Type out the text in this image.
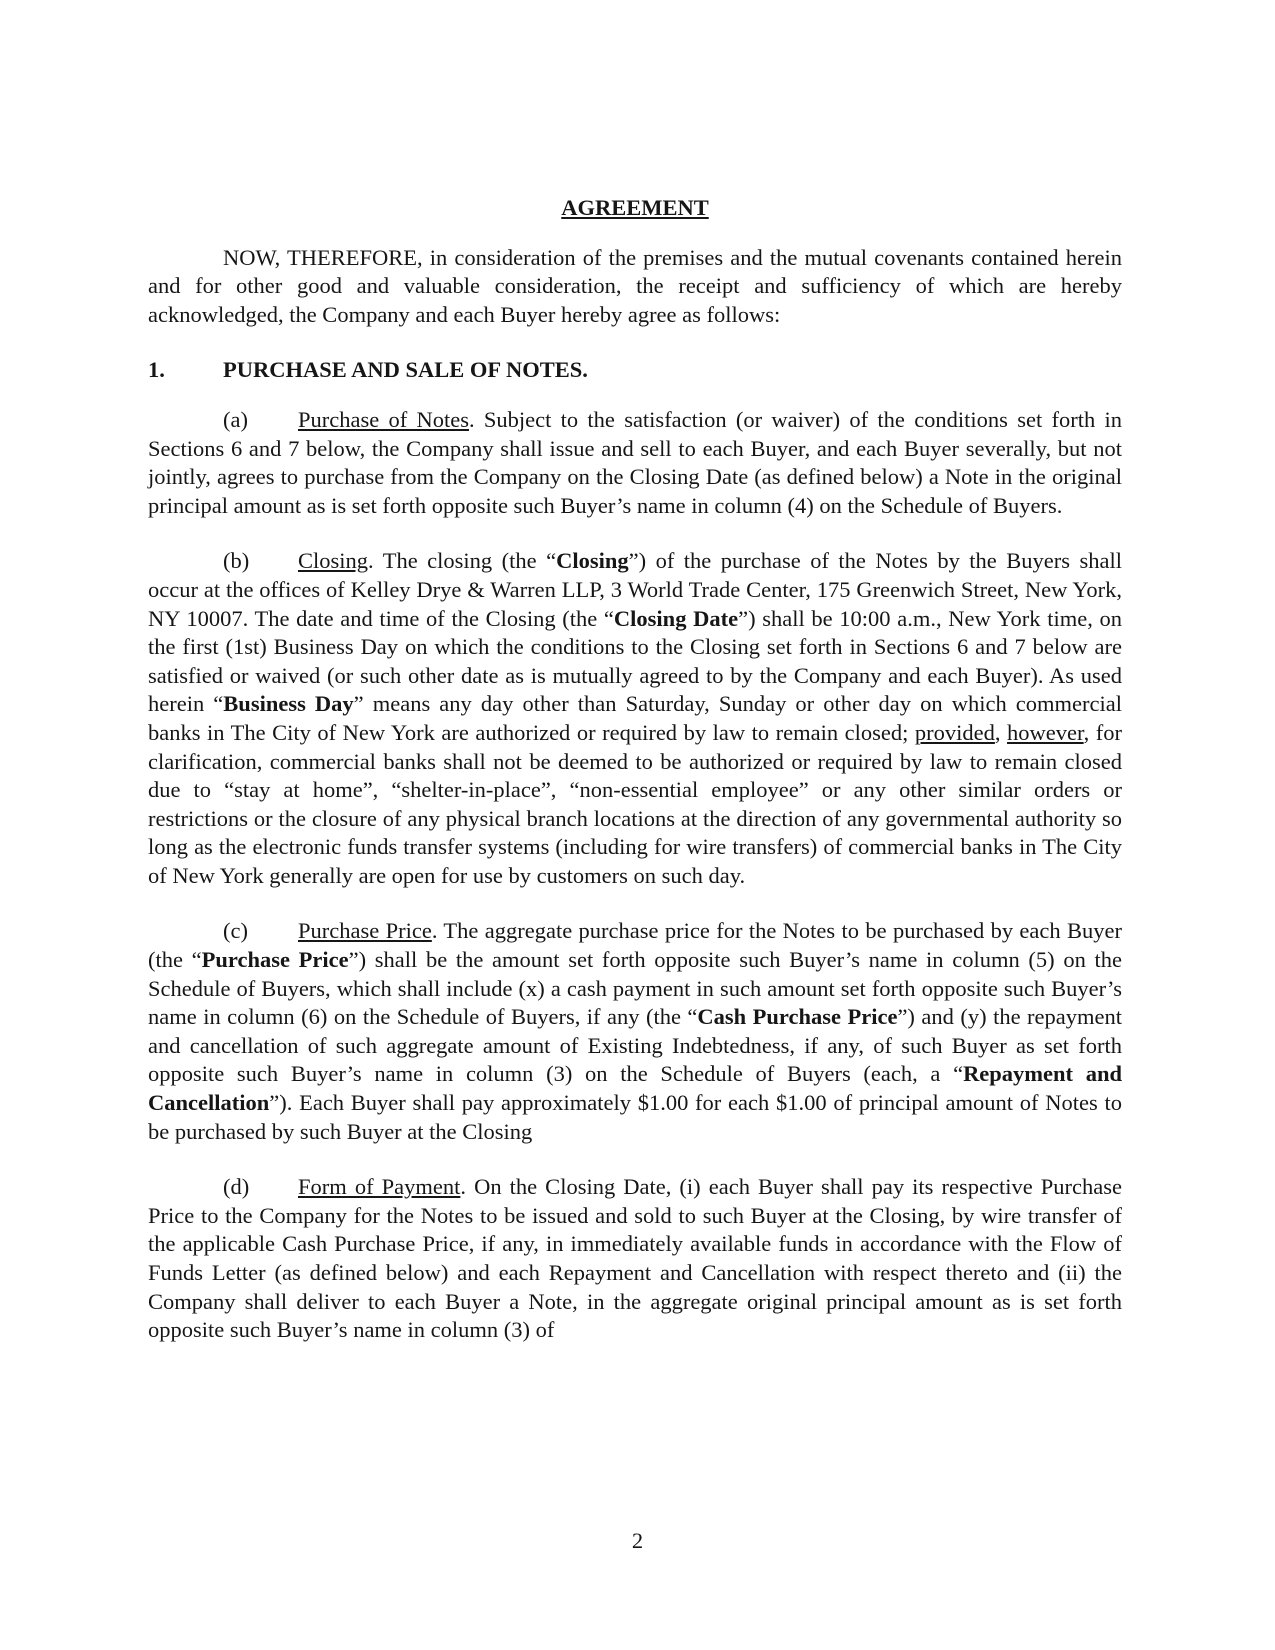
AGREEMENT

NOW, THEREFORE, in consideration of the premises and the mutual covenants contained herein and for other good and valuable consideration, the receipt and sufficiency of which are hereby acknowledged, the Company and each Buyer hereby agree as follows:

1.	PURCHASE AND SALE OF NOTES.

(a) Purchase of Notes. Subject to the satisfaction (or waiver) of the conditions set forth in Sections 6 and 7 below, the Company shall issue and sell to each Buyer, and each Buyer severally, but not jointly, agrees to purchase from the Company on the Closing Date (as defined below) a Note in the original principal amount as is set forth opposite such Buyer’s name in column (4) on the Schedule of Buyers.

(b) Closing. The closing (the “Closing”) of the purchase of the Notes by the Buyers shall occur at the offices of Kelley Drye & Warren LLP, 3 World Trade Center, 175 Greenwich Street, New York, NY 10007. The date and time of the Closing (the “Closing Date”) shall be 10:00 a.m., New York time, on the first (1st) Business Day on which the conditions to the Closing set forth in Sections 6 and 7 below are satisfied or waived (or such other date as is mutually agreed to by the Company and each Buyer). As used herein “Business Day” means any day other than Saturday, Sunday or other day on which commercial banks in The City of New York are authorized or required by law to remain closed; provided, however, for clarification, commercial banks shall not be deemed to be authorized or required by law to remain closed due to “stay at home”, “shelter-in-place”, “non-essential employee” or any other similar orders or restrictions or the closure of any physical branch locations at the direction of any governmental authority so long as the electronic funds transfer systems (including for wire transfers) of commercial banks in The City of New York generally are open for use by customers on such day.

(c) Purchase Price. The aggregate purchase price for the Notes to be purchased by each Buyer (the “Purchase Price”) shall be the amount set forth opposite such Buyer’s name in column (5) on the Schedule of Buyers, which shall include (x) a cash payment in such amount set forth opposite such Buyer’s name in column (6) on the Schedule of Buyers, if any (the “Cash Purchase Price”) and (y) the repayment and cancellation of such aggregate amount of Existing Indebtedness, if any, of such Buyer as set forth opposite such Buyer’s name in column (3) on the Schedule of Buyers (each, a “Repayment and Cancellation”). Each Buyer shall pay approximately $1.00 for each $1.00 of principal amount of Notes to be purchased by such Buyer at the Closing

(d) Form of Payment. On the Closing Date, (i) each Buyer shall pay its respective Purchase Price to the Company for the Notes to be issued and sold to such Buyer at the Closing, by wire transfer of the applicable Cash Purchase Price, if any, in immediately available funds in accordance with the Flow of Funds Letter (as defined below) and each Repayment and Cancellation with respect thereto and (ii) the Company shall deliver to each Buyer a Note, in the aggregate original principal amount as is set forth opposite such Buyer’s name in column (3) of

2
